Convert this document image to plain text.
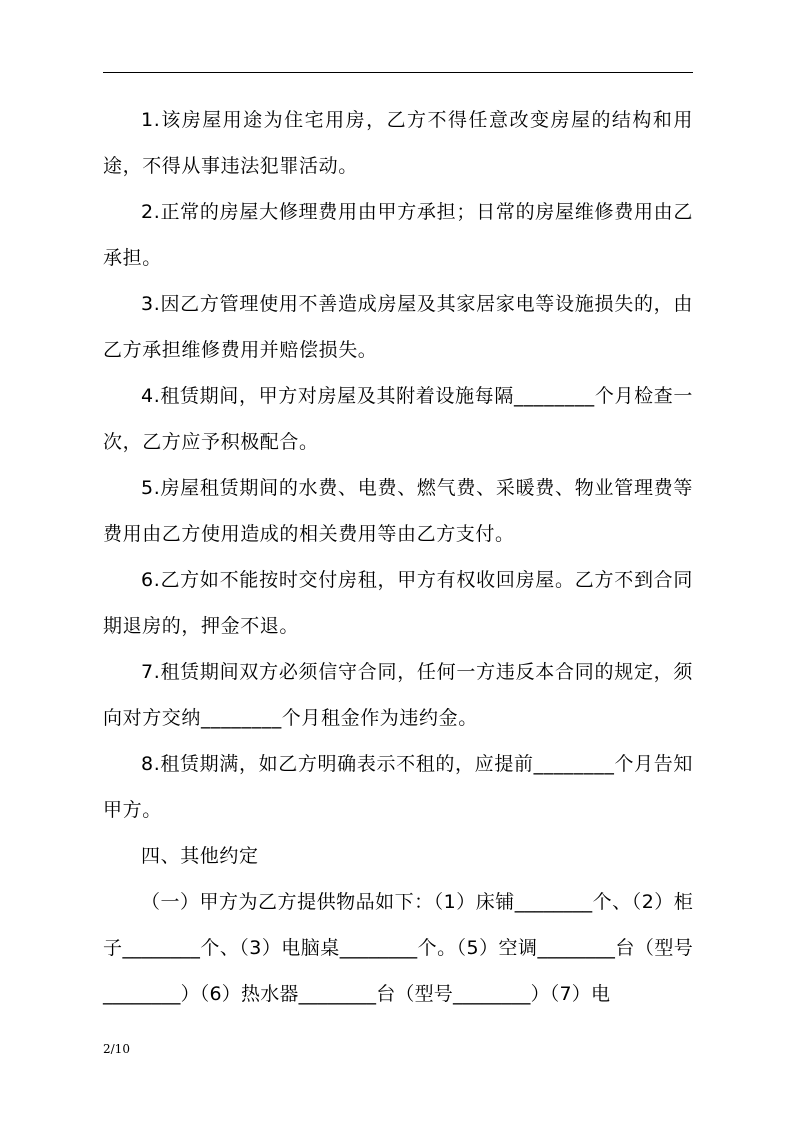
1.该房屋用途为住宅用房，乙方不得任意改变房屋的结构和用途，不得从事违法犯罪活动。

2.正常的房屋大修理费用由甲方承担；日常的房屋维修费用由乙承担。

3.因乙方管理使用不善造成房屋及其家居家电等设施损失的，由乙方承担维修费用并赔偿损失。

4.租赁期间，甲方对房屋及其附着设施每隔________个月检查一次，乙方应予积极配合。

5.房屋租赁期间的水费、电费、燃气费、采暖费、物业管理费等费用由乙方使用造成的相关费用等由乙方支付。

6.乙方如不能按时交付房租，甲方有权收回房屋。乙方不到合同期退房的，押金不退。

7.租赁期间双方必须信守合同，任何一方违反本合同的规定，须向对方交纳________个月租金作为违约金。

8.租赁期满，如乙方明确表示不租的，应提前________个月告知甲方。

四、其他约定

（一）甲方为乙方提供物品如下：（1）床铺________个、（2）柜子________个、（3）电脑桌________个。（5）空调________台（型号________）（6）热水器________台（型号________）（7）电

2/10
